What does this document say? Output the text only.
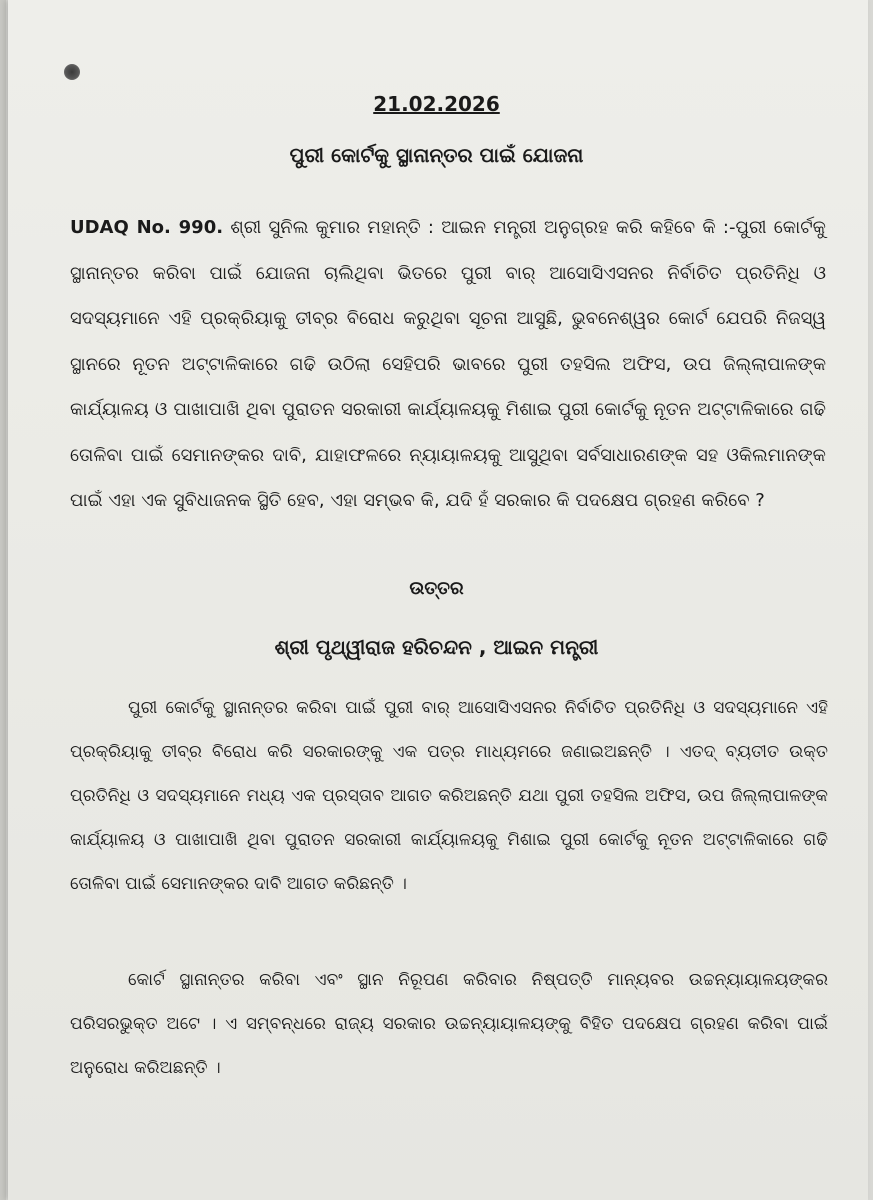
21.02.2026
ପୁରୀ କୋର୍ଟକୁ ସ୍ଥାନାନ୍ତର ପାଇଁ ଯୋଜନା
UDAQ No. 990. ଶ୍ରୀ ସୁନିଲ କୁମାର ମହାନ୍ତି : ଆଇନ ମନ୍ତ୍ରୀ ଅନୁଗ୍ରହ କରି କହିବେ କି :-ପୁରୀ କୋର୍ଟକୁ ସ୍ଥାନାନ୍ତର କରିବା ପାଇଁ ଯୋଜନା ଚାଲିଥିବା ଭିତରେ ପୁରୀ ବାର୍ ଆସୋସିଏସନର ନିର୍ବାଚିତ ପ୍ରତିନିଧି ଓ ସଦସ୍ୟମାନେ ଏହି ପ୍ରକ୍ରିୟାକୁ ତୀବ୍ର ବିରୋଧ କରୁଥିବା ସୂଚନା ଆସୁଛି, ଭୁବନେଶ୍ୱର କୋର୍ଟ ଯେପରି ନିଜସ୍ୱ ସ୍ଥାନରେ ନୂତନ ଅଟ୍ଟାଳିକାରେ ଗଢି ଉଠିଲା ସେହିପରି ଭାବରେ ପୁରୀ ତହସିଲ ଅଫିସ, ଉପ ଜିଲ୍ଲାପାଳଙ୍କ କାର୍ଯ୍ୟାଳୟ ଓ ପାଖାପାଖି ଥିବା ପୁରାତନ ସରକାରୀ କାର୍ଯ୍ୟାଳୟକୁ ମିଶାଇ ପୁରୀ କୋର୍ଟକୁ ନୂତନ ଅଟ୍ଟାଳିକାରେ ଗଢି ତୋଳିବା ପାଇଁ ସେମାନଙ୍କର ଦାବି, ଯାହାଫଳରେ ନ୍ୟାୟାଳୟକୁ ଆସୁଥିବା ସର୍ବସାଧାରଣଙ୍କ ସହ ଓକିଲମାନଙ୍କ ପାଇଁ ଏହା ଏକ ସୁବିଧାଜନକ ସ୍ଥିତି ହେବ, ଏହା ସମ୍ଭବ କି, ଯଦି ହଁ ସରକାର କି ପଦକ୍ଷେପ ଗ୍ରହଣ କରିବେ ?
ଉତ୍ତର
ଶ୍ରୀ ପୃଥ୍ୱୀରାଜ ହରିଚନ୍ଦନ , ଆଇନ ମନ୍ତ୍ରୀ
ପୁରୀ କୋର୍ଟକୁ ସ୍ଥାନାନ୍ତର କରିବା ପାଇଁ ପୁରୀ ବାର୍ ଆସୋସିଏସନର ନିର୍ବାଚିତ ପ୍ରତିନିଧି ଓ ସଦସ୍ୟମାନେ ଏହି ପ୍ରକ୍ରିୟାକୁ ତୀବ୍ର ବିରୋଧ କରି ସରକାରଙ୍କୁ ଏକ ପତ୍ର ମାଧ୍ୟମରେ ଜଣାଇଅଛନ୍ତି । ଏତଦ୍ ବ୍ୟତୀତ ଉକ୍ତ ପ୍ରତିନିଧି ଓ ସଦସ୍ୟମାନେ ମଧ୍ୟ ଏକ ପ୍ରସ୍ତାବ ଆଗତ କରିଅଛନ୍ତି ଯଥା ପୁରୀ ତହସିଲ ଅଫିସ, ଉପ ଜିଲ୍ଲାପାଳଙ୍କ କାର୍ଯ୍ୟାଳୟ ଓ ପାଖାପାଖି ଥିବା ପୁରାତନ ସରକାରୀ କାର୍ଯ୍ୟାଳୟକୁ ମିଶାଇ ପୁରୀ କୋର୍ଟକୁ ନୂତନ ଅଟ୍ଟାଳିକାରେ ଗଢି ତୋଳିବା ପାଇଁ ସେମାନଙ୍କର ଦାବି ଆଗତ କରିଛନ୍ତି ।
କୋର୍ଟ ସ୍ଥାନାନ୍ତର କରିବା ଏବଂ ସ୍ଥାନ ନିରୂପଣ କରିବାର ନିଷ୍ପତ୍ତି ମାନ୍ୟବର ଉଚ୍ଚନ୍ୟାୟାଳୟଙ୍କର ପରିସରଭୁକ୍ତ ଅଟେ । ଏ ସମ୍ବନ୍ଧରେ ରାଜ୍ୟ ସରକାର ଉଚ୍ଚନ୍ୟାୟାଳୟଙ୍କୁ ବିହିତ ପଦକ୍ଷେପ ଗ୍ରହଣ କରିବା ପାଇଁ ଅନୁରୋଧ କରିଅଛନ୍ତି ।
